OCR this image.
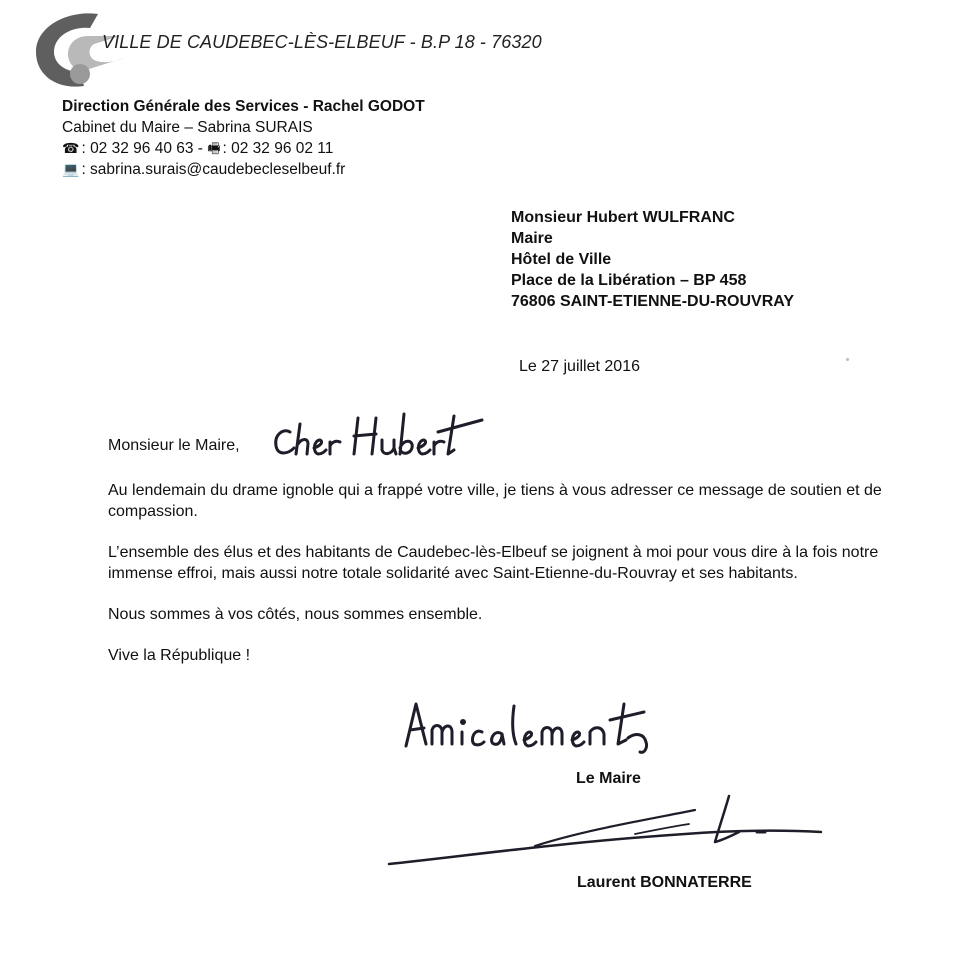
VILLE DE CAUDEBEC-LÈS-ELBEUF - B.P 18 - 76320
Direction Générale des Services - Rachel GODOT
Cabinet du Maire – Sabrina SURAIS
☎ : 02 32 96 40 63 - 🖷 : 02 32 96 02 11
💻 : sabrina.surais@caudebecleselbeuf.fr
Monsieur Hubert WULFRANC
Maire
Hôtel de Ville
Place de la Libération – BP 458
76806 SAINT-ETIENNE-DU-ROUVRAY
Le 27 juillet 2016
Monsieur le Maire,

Au lendemain du drame ignoble qui a frappé votre ville, je tiens à vous adresser ce message de soutien et de compassion.

L’ensemble des élus et des habitants de Caudebec-lès-Elbeuf se joignent à moi pour vous dire à la fois notre immense effroi, mais aussi notre totale solidarité avec Saint-Etienne-du-Rouvray et ses habitants.

Nous sommes à vos côtés, nous sommes ensemble.

Vive la République !

Le Maire
Laurent BONNATERRE
